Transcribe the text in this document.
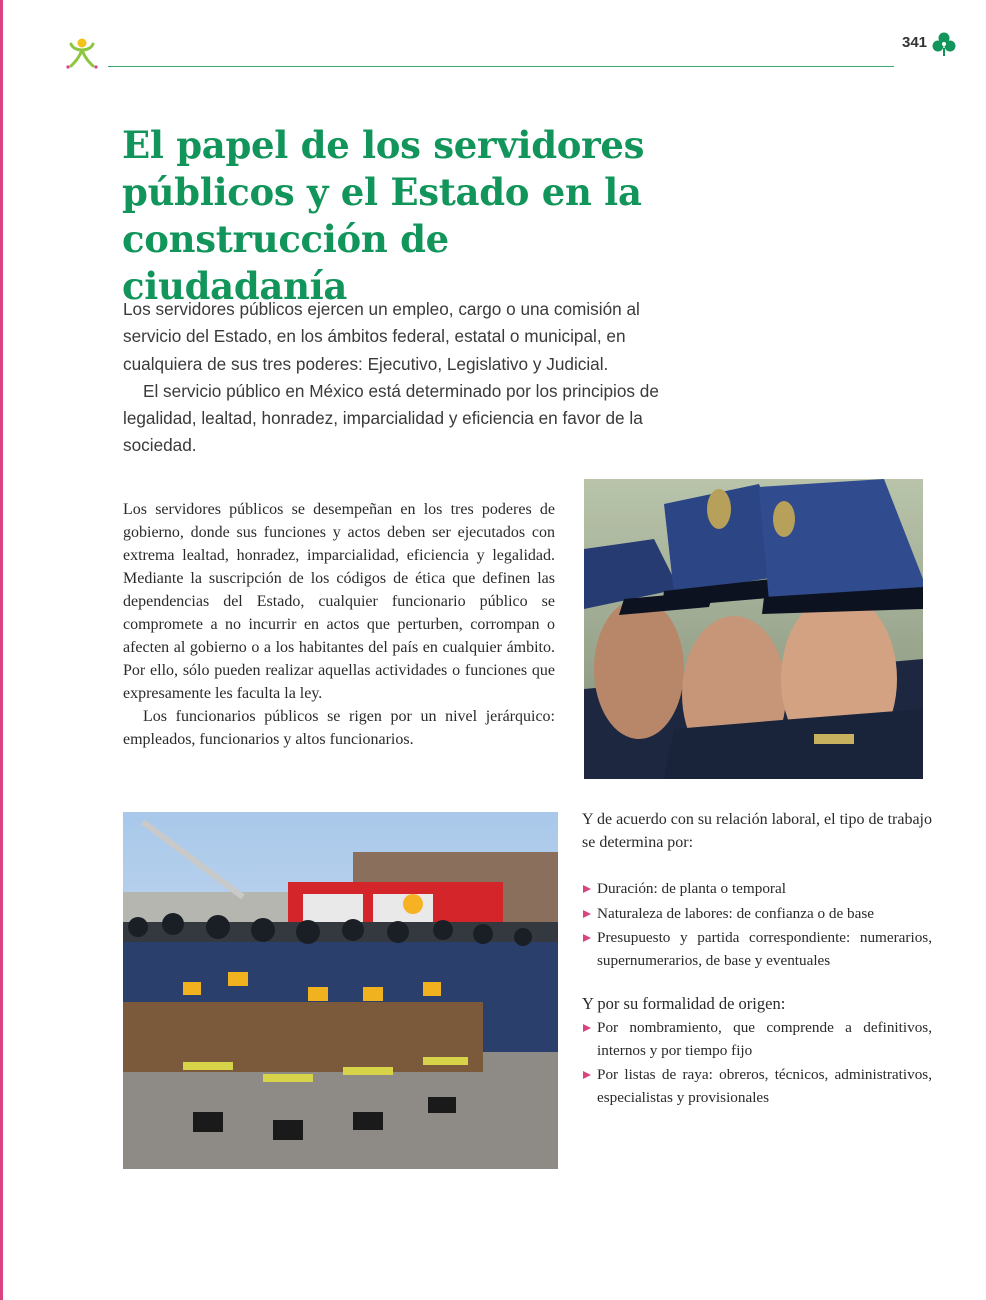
341
El papel de los servidores públicos y el Estado en la construcción de ciudadanía

Los servidores públicos ejercen un empleo, cargo o una comisión al servicio del Estado, en los ámbitos federal, estatal o municipal, en cualquiera de sus tres poderes: Ejecutivo, Legislativo y Judicial.

El servicio público en México está determinado por los principios de legalidad, lealtad, honradez, imparcialidad y eficiencia en favor de la sociedad.

Los servidores públicos se desempeñan en los tres poderes de gobierno, donde sus funciones y actos deben ser ejecutados con extrema lealtad, honradez, imparcialidad, eficiencia y legalidad. Mediante la suscripción de los códigos de ética que definen las dependencias del Estado, cualquier funcionario público se compromete a no incurrir en actos que perturben, corrompan o afecten al gobierno o a los habitantes del país en cualquier ámbito. Por ello, sólo pueden realizar aquellas actividades o funciones que expresamente les faculta la ley.

Los funcionarios públicos se rigen por un nivel jerárquico: empleados, funcionarios y altos funcionarios.

Y de acuerdo con su relación laboral, el tipo de trabajo se determina por:

Duración: de planta o temporal
Naturaleza de labores: de confianza o de base
Presupuesto y partida correspondiente: numerarios, supernumerarios, de base y eventuales

Y por su formalidad de origen:

Por nombramiento, que comprende a definitivos, internos y por tiempo fijo
Por listas de raya: obreros, técnicos, administrativos, especialistas y provisionales
